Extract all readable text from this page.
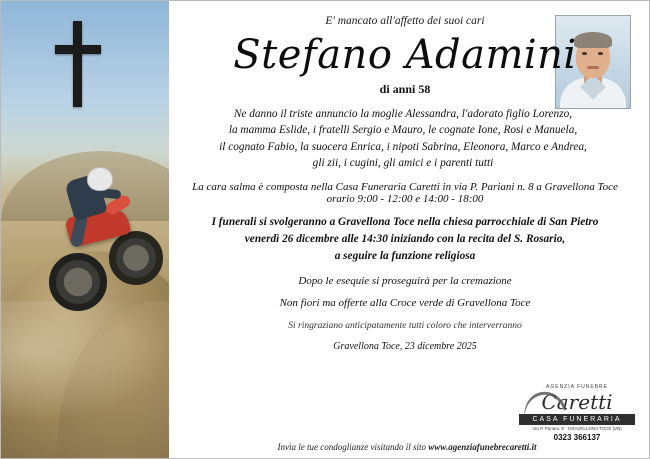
E' mancato all'affetto dei suoi cari
Stefano Adamini
di anni 58
Ne danno il triste annuncio la moglie Alessandra, l'adorato figlio Lorenzo,
la mamma Eslide, i fratelli Sergio e Mauro, le cognate Ione, Rosi e Manuela,
il cognato Fabio, la suocera Enrica, i nipoti Sabrina, Eleonora, Marco e Andrea,
gli zii, i cugini, gli amici e i parenti tutti
La cara salma è composta nella Casa Funeraria Caretti in via P. Pariani n. 8 a Gravellona Toce
orario 9:00 - 12:00 e 14:00 - 18:00
I funerali si svolgeranno a Gravellona Toce nella chiesa parrocchiale di San Pietro
venerdì 26 dicembre alle 14:30 iniziando con la recita del S. Rosario,
a seguire la funzione religiosa
Dopo le esequie si proseguirà per la cremazione
Non fiori ma offerte alla Croce verde di Gravellona Toce
Si ringraziano anticipatamente tutti coloro che interverranno
Gravellona Toce, 23 dicembre 2025
AGENZIA FUNEBRE
Caretti
CASA FUNERARIA
Via P. Pariani, 8 - GRAVELLONA TOCE (VB)
0323 366137
Invia le tue condoglianze visitando il sito www.agenziafunebrecaretti.it
